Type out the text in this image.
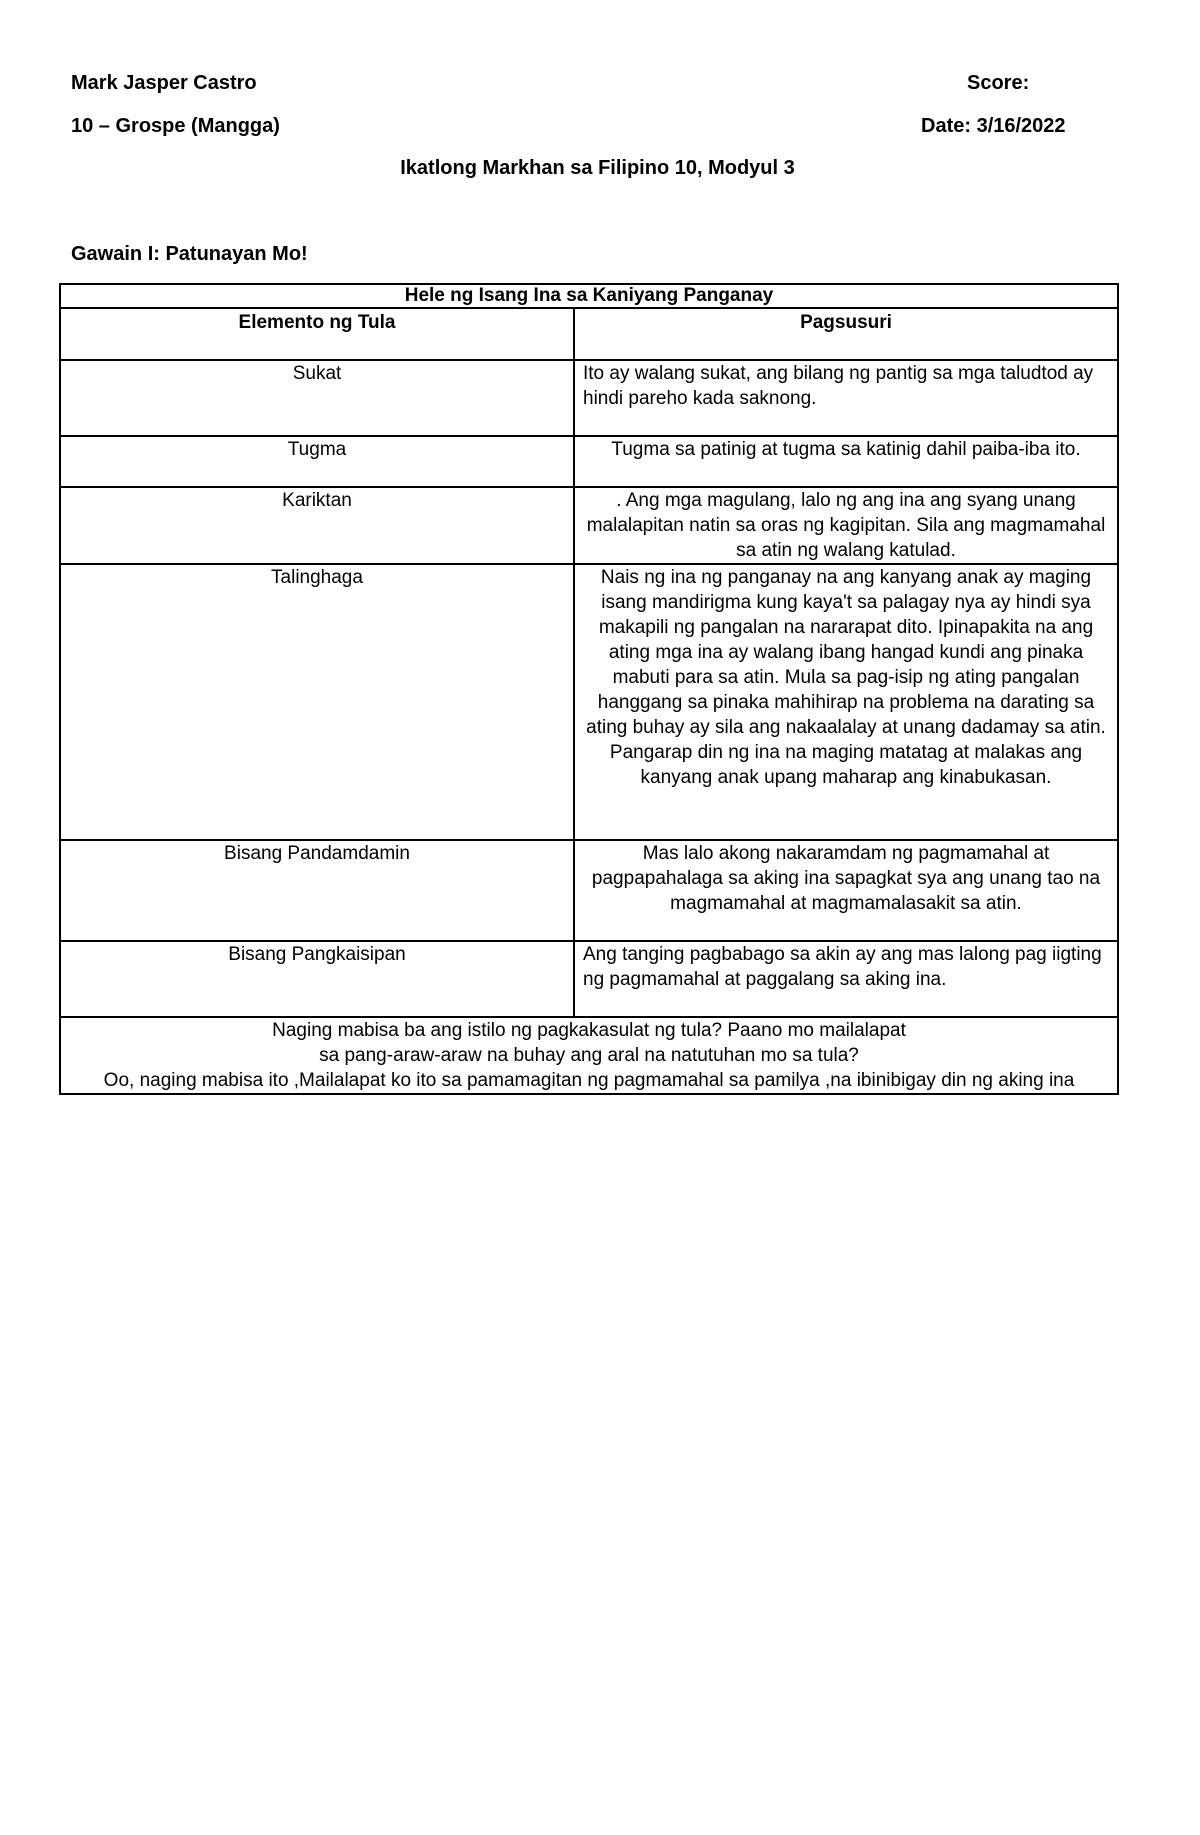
Mark Jasper Castro
10 – Grospe (Mangga)
Score:
Date: 3/16/2022
Ikatlong Markhan sa Filipino 10, Modyul 3
Gawain I: Patunayan Mo!
Hele ng Isang Ina sa Kaniyang Panganay	
Elemento ng Tula	Pagsusuri
Sukat	Ito ay walang sukat, ang bilang ng pantig sa mga taludtod ay hindi pareho kada saknong.
Tugma	Tugma sa patinig at tugma sa katinig dahil paiba-iba ito.
Kariktan	. Ang mga magulang, lalo ng ang ina ang syang unang malalapitan natin sa oras ng kagipitan. Sila ang magmamahal sa atin ng walang katulad.
Talinghaga	Nais ng ina ng panganay na ang kanyang anak ay maging isang mandirigma kung kaya't sa palagay nya ay hindi sya makapili ng pangalan na nararapat dito. Ipinapakita na ang ating mga ina ay walang ibang hangad kundi ang pinaka mabuti para sa atin. Mula sa pag-isip ng ating pangalan hanggang sa pinaka mahihirap na problema na darating sa ating buhay ay sila ang nakaalalay at unang dadamay sa atin. Pangarap din ng ina na maging matatag at malakas ang kanyang anak upang maharap ang kinabukasan.
Bisang Pandamdamin	Mas lalo akong nakaramdam ng pagmamahal at pagpapahalaga sa aking ina sapagkat sya ang unang tao na magmamahal at magmamalasakit sa atin.
Bisang Pangkaisipan	Ang tanging pagbabago sa akin ay ang mas lalong pag iigting ng pagmamahal at paggalang sa aking ina.

Naging mabisa ba ang istilo ng pagkakasulat ng tula? Paano mo mailalapat
sa pang-araw-araw na buhay ang aral na natutuhan mo sa tula?
Oo, naging mabisa ito ,Mailalapat ko ito sa pamamagitan ng pagmamahal sa pamilya ,na ibinibigay din ng aking ina	
